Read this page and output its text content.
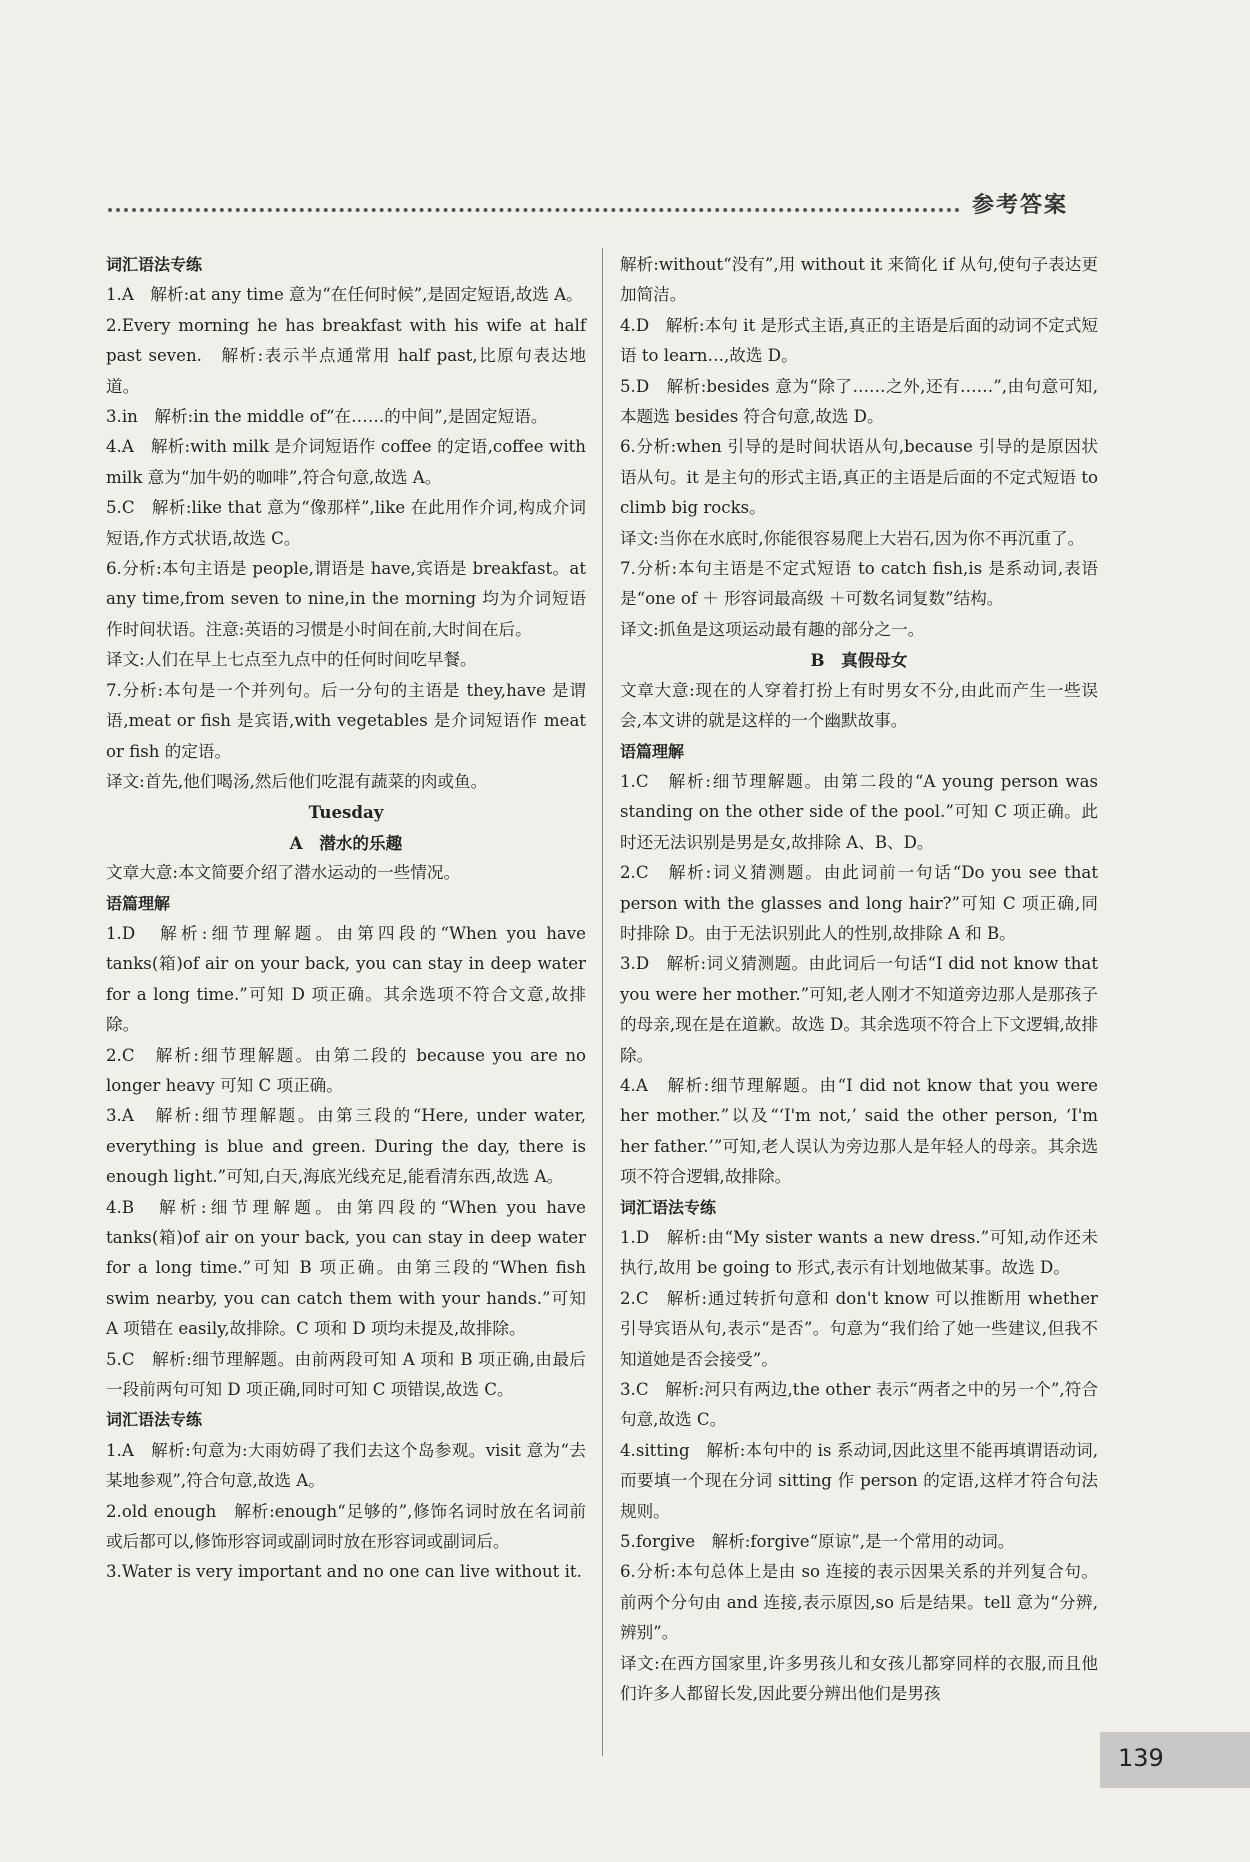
参考答案

词汇语法专练

1.A　解析:at any time 意为“在任何时候”,是固定短语,故选 A。

2.Every morning he has breakfast with his wife at half past seven.　解析:表示半点通常用 half past,比原句表达地道。

3.in　解析:in the middle of“在……的中间”,是固定短语。

4.A　解析:with milk 是介词短语作 coffee 的定语,coffee with milk 意为“加牛奶的咖啡”,符合句意,故选 A。

5.C　解析:like that 意为“像那样”,like 在此用作介词,构成介词短语,作方式状语,故选 C。

6.分析:本句主语是 people,谓语是 have,宾语是 breakfast。at any time,from seven to nine,in the morning 均为介词短语作时间状语。注意:英语的习惯是小时间在前,大时间在后。

译文:人们在早上七点至九点中的任何时间吃早餐。

7.分析:本句是一个并列句。后一分句的主语是 they,have 是谓语,meat or fish 是宾语,with vegetables 是介词短语作 meat or fish 的定语。

译文:首先,他们喝汤,然后他们吃混有蔬菜的肉或鱼。

Tuesday

A　潜水的乐趣

文章大意:本文简要介绍了潜水运动的一些情况。

语篇理解

1.D　解析:细节理解题。由第四段的“When you have tanks(箱)of air on your back, you can stay in deep water for a long time.”可知 D 项正确。其余选项不符合文意,故排除。

2.C　解析:细节理解题。由第二段的 because you are no longer heavy 可知 C 项正确。

3.A　解析:细节理解题。由第三段的“Here, under water, everything is blue and green. During the day, there is enough light.”可知,白天,海底光线充足,能看清东西,故选 A。

4.B　解析:细节理解题。由第四段的“When you have tanks(箱)of air on your back, you can stay in deep water for a long time.”可知 B 项正确。由第三段的“When fish swim nearby, you can catch them with your hands.”可知 A 项错在 easily,故排除。C 项和 D 项均未提及,故排除。

5.C　解析:细节理解题。由前两段可知 A 项和 B 项正确,由最后一段前两句可知 D 项正确,同时可知 C 项错误,故选 C。

词汇语法专练

1.A　解析:句意为:大雨妨碍了我们去这个岛参观。visit 意为“去某地参观”,符合句意,故选 A。

2.old enough　解析:enough“足够的”,修饰名词时放在名词前或后都可以,修饰形容词或副词时放在形容词或副词后。

3.Water is very important and no one can live without it.

解析:without“没有”,用 without it 来简化 if 从句,使句子表达更加简洁。

4.D　解析:本句 it 是形式主语,真正的主语是后面的动词不定式短语 to learn…,故选 D。

5.D　解析:besides 意为“除了……之外,还有……”,由句意可知,本题选 besides 符合句意,故选 D。

6.分析:when 引导的是时间状语从句,because 引导的是原因状语从句。it 是主句的形式主语,真正的主语是后面的不定式短语 to climb big rocks。

译文:当你在水底时,你能很容易爬上大岩石,因为你不再沉重了。

7.分析:本句主语是不定式短语 to catch fish,is 是系动词,表语是“one of ＋ 形容词最高级 ＋可数名词复数”结构。

译文:抓鱼是这项运动最有趣的部分之一。

B　真假母女

文章大意:现在的人穿着打扮上有时男女不分,由此而产生一些误会,本文讲的就是这样的一个幽默故事。

语篇理解

1.C　解析:细节理解题。由第二段的“A young person was standing on the other side of the pool.”可知 C 项正确。此时还无法识别是男是女,故排除 A、B、D。

2.C　解析:词义猜测题。由此词前一句话“Do you see that person with the glasses and long hair?”可知 C 项正确,同时排除 D。由于无法识别此人的性别,故排除 A 和 B。

3.D　解析:词义猜测题。由此词后一句话“I did not know that you were her mother.”可知,老人刚才不知道旁边那人是那孩子的母亲,现在是在道歉。故选 D。其余选项不符合上下文逻辑,故排除。

4.A　解析:细节理解题。由“I did not know that you were her mother.”以及“‘I'm not,’ said the other person, ‘I'm her father.’”可知,老人误认为旁边那人是年轻人的母亲。其余选项不符合逻辑,故排除。

词汇语法专练

1.D　解析:由“My sister wants a new dress.”可知,动作还未执行,故用 be going to 形式,表示有计划地做某事。故选 D。

2.C　解析:通过转折句意和 don't know 可以推断用 whether 引导宾语从句,表示“是否”。句意为“我们给了她一些建议,但我不知道她是否会接受”。

3.C　解析:河只有两边,the other 表示“两者之中的另一个”,符合句意,故选 C。

4.sitting　解析:本句中的 is 系动词,因此这里不能再填谓语动词,而要填一个现在分词 sitting 作 person 的定语,这样才符合句法规则。

5.forgive　解析:forgive“原谅”,是一个常用的动词。

6.分析:本句总体上是由 so 连接的表示因果关系的并列复合句。前两个分句由 and 连接,表示原因,so 后是结果。tell 意为“分辨,辨别”。

译文:在西方国家里,许多男孩儿和女孩儿都穿同样的衣服,而且他们许多人都留长发,因此要分辨出他们是男孩

139
